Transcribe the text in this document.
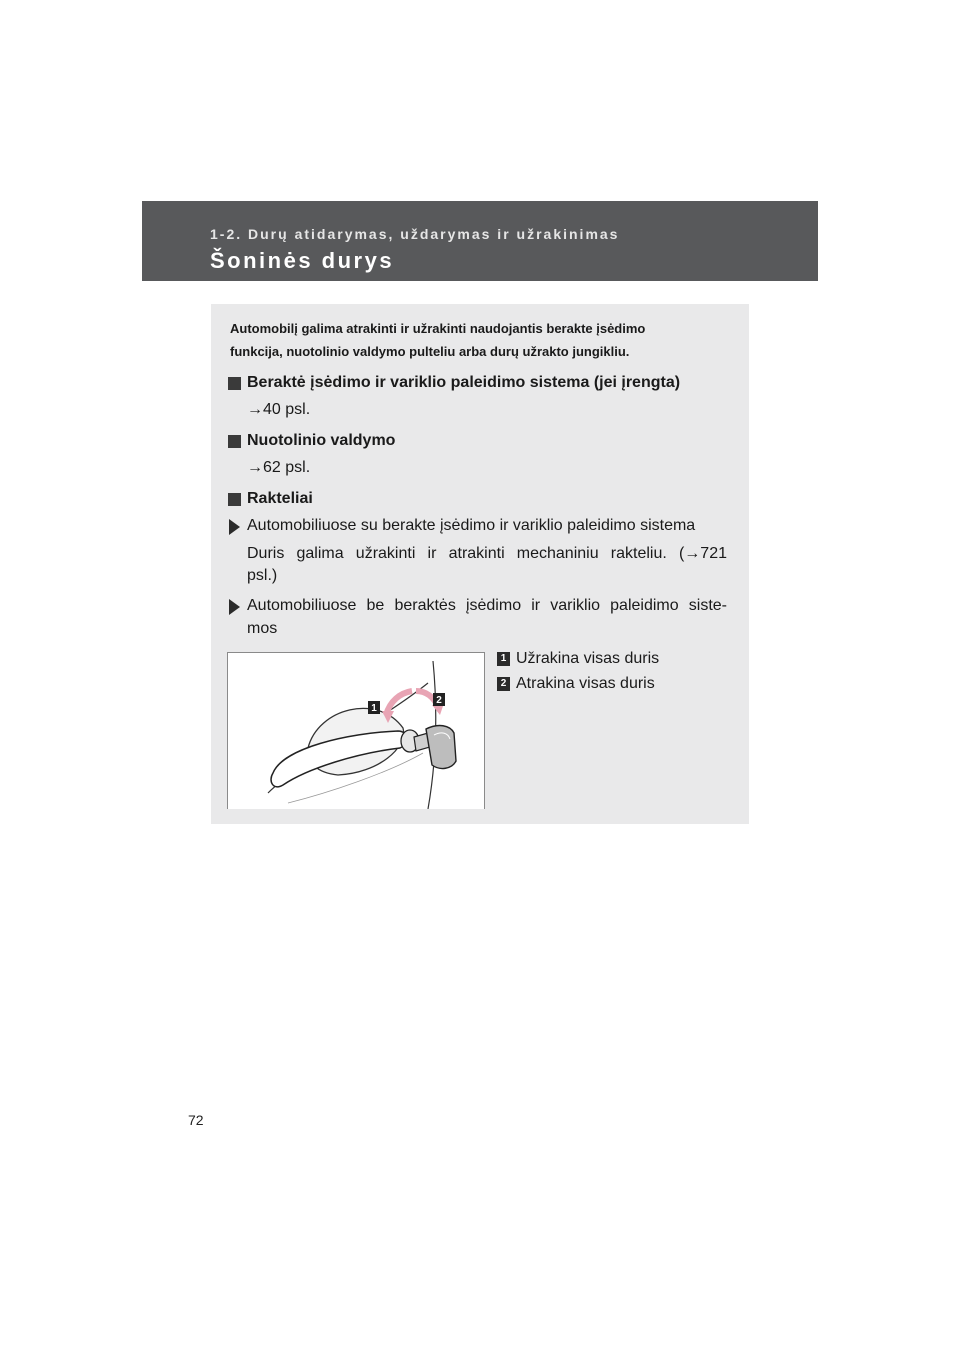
1-2. Durų atidarymas, uždarymas ir užrakinimas
Šoninės durys
Automobilį galima atrakinti ir užrakinti naudojantis berakte įsėdimo
funkcija, nuotolinio valdymo pulteliu arba durų užrakto jungikliu.
Beraktė įsėdimo ir variklio paleidimo sistema (jei įrengta)
→40 psl.
Nuotolinio valdymo
→62 psl.
Rakteliai
Automobiliuose su berakte įsėdimo ir variklio paleidimo sistema
Duris galima užrakinti ir atrakinti mechaniniu rakteliu. (→721
psl.)
Automobiliuose be beraktės įsėdimo ir variklio paleidimo siste-
mos
1 Užrakina visas duris
2 Atrakina visas duris
1
2
72
